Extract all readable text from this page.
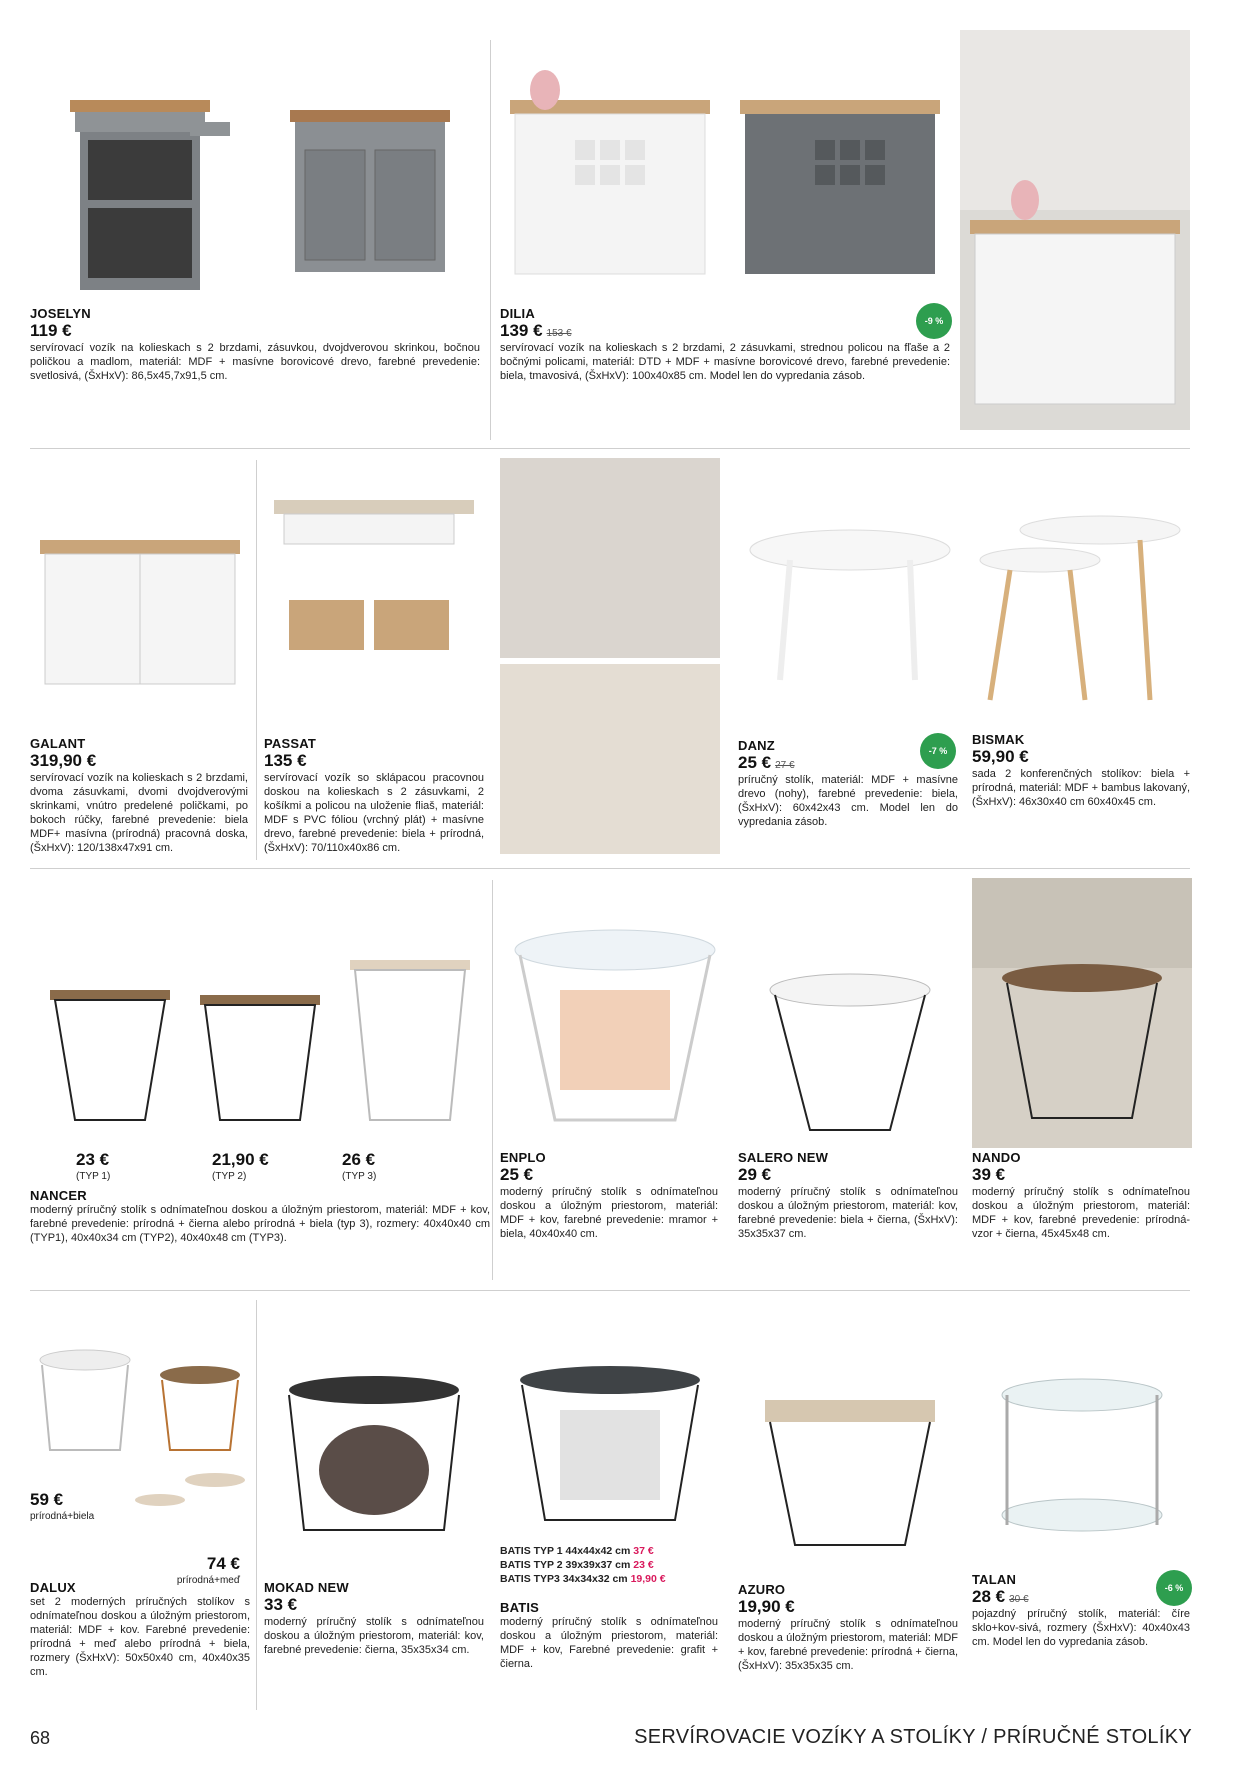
JOSELYN
119 €
servírovací vozík na kolieskach s 2 brzdami, zásuvkou, dvojdverovou skrinkou, bočnou poličkou a madlom, materiál: MDF + masívne borovicové drevo, farebné prevedenie: svetlosivá, (ŠxHxV): 86,5x45,7x91,5 cm.
DILIA
139 € 153 €
servírovací vozík na kolieskach s 2 brzdami, 2 zásuvkami, strednou policou na fľaše a 2 bočnými policami, materiál: DTD + MDF + masívne borovicové drevo, farebné prevedenie: biela, tmavosivá, (ŠxHxV): 100x40x85 cm. Model len do vypredania zásob.
-9 %
GALANT
319,90 €
servírovací vozík na kolieskach s 2 brzdami, dvoma zásuvkami, dvomi dvojdverovými skrinkami, vnútro predelené poličkami, po bokoch rúčky, farebné prevedenie: biela MDF+ masívna (prírodná) pracovná doska, (ŠxHxV): 120/138x47x91 cm.
PASSAT
135 €
servírovací vozík so sklápacou pracovnou doskou na kolieskach s 2 zásuvkami, 2 košíkmi a policou na uloženie fliaš, materiál: MDF s PVC fóliou (vrchný plát) + masívne drevo, farebné prevedenie: biela + prírodná, (ŠxHxV): 70/110x40x86 cm.
DANZ
25 € 27 €
príručný stolík, materiál: MDF + masívne drevo (nohy), farebné prevedenie: biela, (ŠxHxV): 60x42x43 cm. Model len do vypredania zásob.
-7 %
BISMAK
59,90 €
sada 2 konferenčných stolíkov: biela + prírodná, materiál: MDF + bambus lakovaný, (ŠxHxV): 46x30x40 cm 60x40x45 cm.
23 €
(TYP 1)
21,90 €
(TYP 2)
26 €
(TYP 3)
NANCER
moderný príručný stolík s odnímateľnou doskou a úložným priestorom, materiál: MDF + kov, farebné prevedenie: prírodná + čierna alebo prírodná + biela (typ 3), rozmery: 40x40x40 cm (TYP1), 40x40x34 cm (TYP2), 40x40x48 cm (TYP3).
ENPLO
25 €
moderný príručný stolík s odnímateľnou doskou a úložným priestorom, materiál: MDF + kov, farebné prevedenie: mramor + biela, 40x40x40 cm.
SALERO NEW
29 €
moderný príručný stolík s odnímateľnou doskou a úložným priestorom, materiál: kov, farebné prevedenie: biela + čierna, (ŠxHxV): 35x35x37 cm.
NANDO
39 €
moderný príručný stolík s odnímateľnou doskou a úložným priestorom, materiál: MDF + kov, farebné prevedenie: prírodná-vzor + čierna, 45x45x48 cm.
59 €
prírodná+biela
74 €
prírodná+meď
DALUX
set 2 moderných príručných stolíkov s odnímateľnou doskou a úložným priestorom, materiál: MDF + kov. Farebné prevedenie: prírodná + meď alebo prírodná + biela, rozmery (ŠxHxV): 50x50x40 cm, 40x40x35 cm.
MOKAD NEW
33 €
moderný príručný stolík s odnímateľnou doskou a úložným priestorom, materiál: kov, farebné prevedenie: čierna, 35x35x34 cm.
BATIS TYP 1 44x44x42 cm 37 €
BATIS TYP 2 39x39x37 cm 23 €
BATIS TYP3 34x34x32 cm 19,90 €
BATIS
moderný príručný stolík s odnímateľnou doskou a úložným priestorom, materiál: MDF + kov, Farebné prevedenie: grafit + čierna.
AZURO
19,90 €
moderný príručný stolík s odnímateľnou doskou a úložným priestorom, materiál: MDF + kov, farebné prevedenie: prírodná + čierna, (ŠxHxV): 35x35x35 cm.
TALAN
28 € 30 €
pojazdný príručný stolík, materiál: číre sklo+kov-sivá, rozmery (ŠxHxV): 40x40x43 cm. Model len do vypredania zásob.
-6 %
68	SERVÍROVACIE VOZÍKY A STOLÍKY / PRÍRUČNÉ STOLÍKY
